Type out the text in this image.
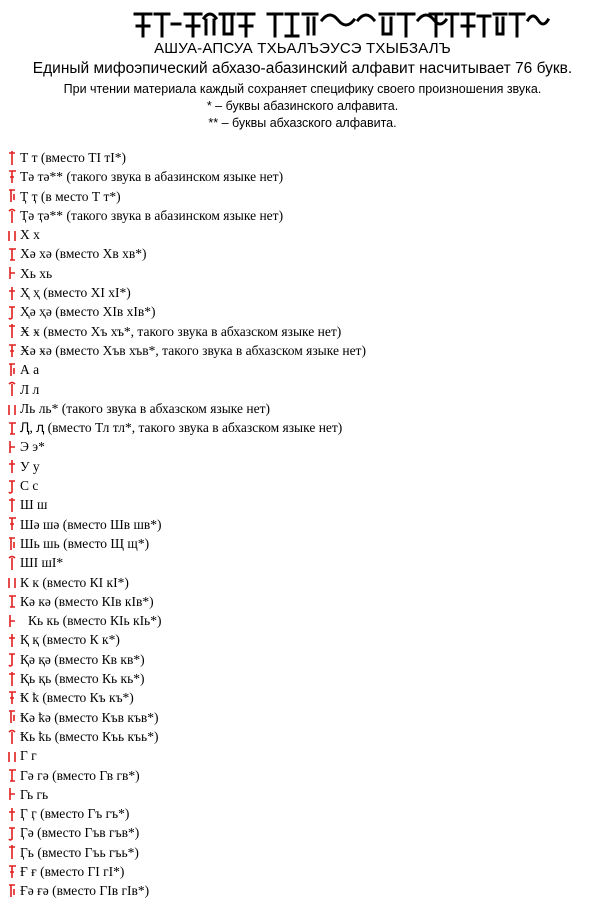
АШУА-АПСУА ТХЬАЛЪЭУСЭ ТХЫБЗАЛЪ
Единый мифоэпический абхазо-абазинский алфавит насчитывает 76 букв.
При чтении материала каждый сохраняет специфику своего произношения звука.
* – буквы абазинского алфавита.
** – буквы абхазского алфавита.
Т т (вместо ТI тI*)
Тә тә** (такого звука в абазинском языке нет)
Ҭ ҭ (в место Т т*)
Ҭә ҭә** (такого звука в абазинском языке нет)
Х х
Хә хә (вместо Хв хв*)
Хь хь
Ҳ ҳ (вместо ХI хI*)
Ҳә ҳә (вместо ХIв хIв*)
Ӿ ӿ (вместо Хъ хъ*, такого звука в абхазском языке нет)
Ӿә ӿә (вместо Хъв хъв*, такого звука в абхазском языке нет)
А а
Л л
Ль ль* (такого звука в абхазском языке нет)
Ԯ, ԯ (вместо Тл тл*, такого звука в абхазском языке нет)
Э э*
У у
С с
Ш ш
Шә шә (вместо Шв шв*)
Шь шь (вместо Щ щ*)
ШI шI*
К к (вместо КI кI*)
Кә кә (вместо КIв кIв*)
Кь кь (вместо КIь кIь*)
Қ қ (вместо К к*)
Қә қә (вместо Кв кв*)
Қь қь (вместо Кь кь*)
Ҟ ҟ (вместо Къ къ*)
Ҟә ҟә (вместо Къв къв*)
Ҟь ҟь (вместо Къь къь*)
Г г
Гә гә (вместо Гв гв*)
Гь гь
Ӷ ӷ (вместо Гъ гъ*)
Ӷә (вместо Гъв гъв*)
Ӷь (вместо Гъь гъь*)
Ғ ғ (вместо ГI гI*)
Ғә ғә (вместо ГIв гIв*)
